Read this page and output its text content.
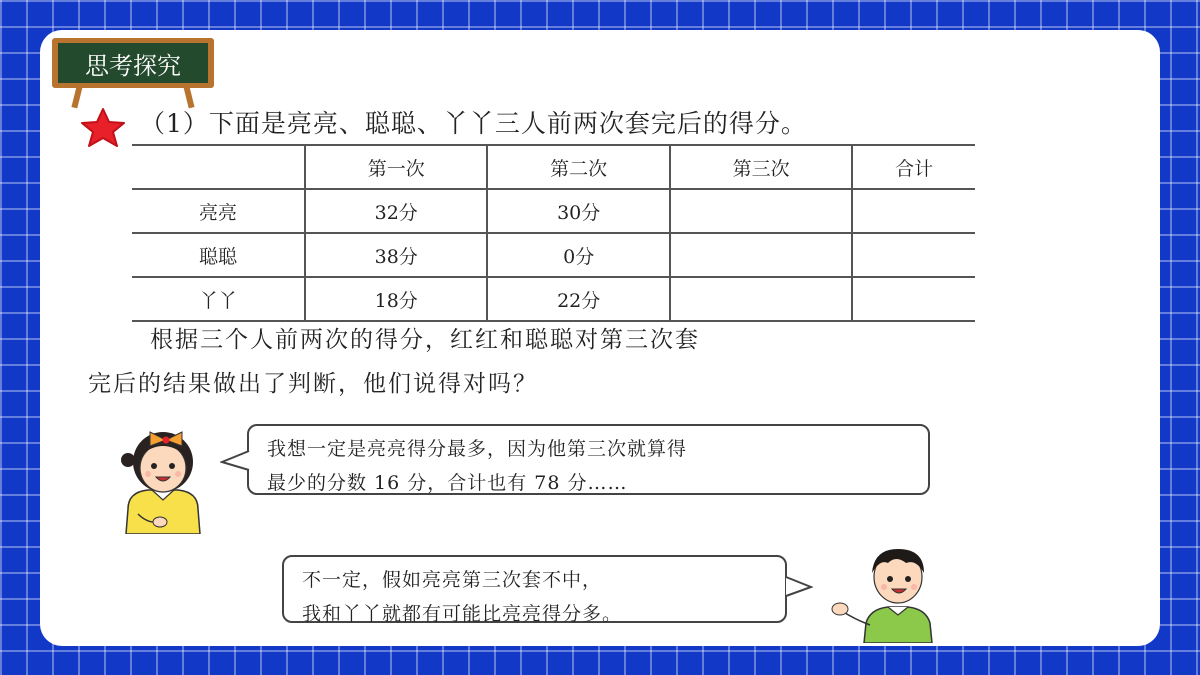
思考探究
（1）下面是亮亮、聪聪、丫丫三人前两次套完后的得分。
	第一次	第二次	第三次	合计
亮亮	32分	30分		
聪聪	38分	0分		
丫丫	18分	22分		
根据三个人前两次的得分，红红和聪聪对第三次套
完后的结果做出了判断，他们说得对吗？
我想一定是亮亮得分最多，因为他第三次就算得
最少的分数 16 分，合计也有 78 分……
不一定，假如亮亮第三次套不中，
我和丫丫就都有可能比亮亮得分多。
